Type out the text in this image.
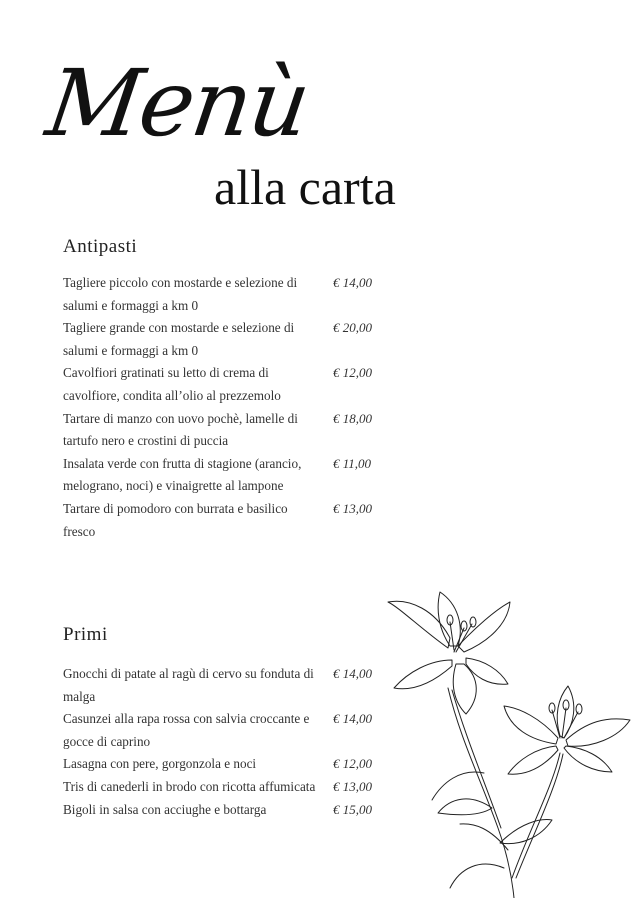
Menù
alla carta
Antipasti
Tagliere piccolo con mostarde e selezione di salumi e formaggi a km 0
€ 14,00
Tagliere grande con mostarde e selezione di salumi e formaggi a km 0
€ 20,00
Cavolfiori gratinati su letto di crema di cavolfiore, condita all’olio al prezzemolo
€ 12,00
Tartare di manzo con uovo pochè, lamelle di tartufo nero e crostini di puccia
€ 18,00
Insalata verde con frutta di stagione (arancio, melograno, noci) e vinaigrette al lampone
€ 11,00
Tartare di pomodoro con burrata e basilico fresco
€ 13,00
Primi
Gnocchi di patate al ragù di cervo su fonduta di malga
€ 14,00
Casunzei alla rapa rossa con salvia croccante e gocce di caprino
€ 14,00
Lasagna con pere, gorgonzola e noci	€ 12,00
Tris di canederli in brodo con ricotta affumicata	€ 13,00
Bigoli in salsa con acciughe e bottarga	€ 15,00
